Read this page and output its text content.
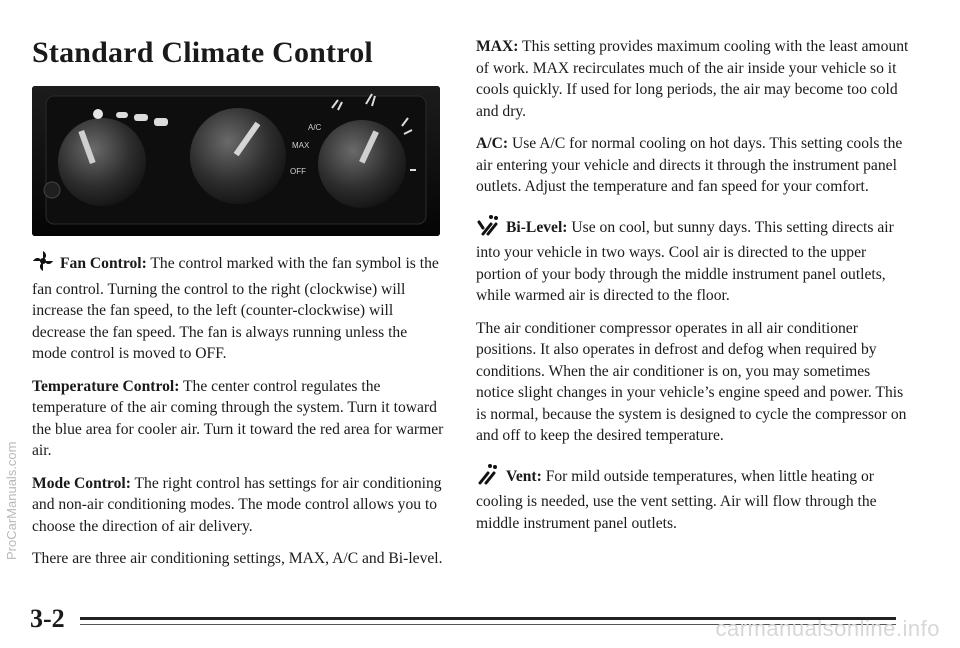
Standard Climate Control
A/C
MAX
OFF

Fan Control: The control marked with the fan symbol is the fan control. Turning the control to the right (clockwise) will increase the fan speed, to the left (counter-clockwise) will decrease the fan speed. The fan is always running unless the mode control is moved to OFF.

Temperature Control: The center control regulates the temperature of the air coming through the system. Turn it toward the blue area for cooler air. Turn it toward the red area for warmer air.

Mode Control: The right control has settings for air conditioning and non-air conditioning modes. The mode control allows you to choose the direction of air delivery.

There are three air conditioning settings, MAX, A/C and Bi-level.

MAX: This setting provides maximum cooling with the least amount of work. MAX recirculates much of the air inside your vehicle so it cools quickly. If used for long periods, the air may become too cold and dry.

A/C: Use A/C for normal cooling on hot days. This setting cools the air entering your vehicle and directs it through the instrument panel outlets. Adjust the temperature and fan speed for your comfort.

Bi-Level: Use on cool, but sunny days. This setting directs air into your vehicle in two ways. Cool air is directed to the upper portion of your body through the middle instrument panel outlets, while warmed air is directed to the floor.

The air conditioner compressor operates in all air conditioner positions. It also operates in defrost and defog when required by conditions. When the air conditioner is on, you may sometimes notice slight changes in your vehicle’s engine speed and power. This is normal, because the system is designed to cycle the compressor on and off to keep the desired temperature.

Vent: For mild outside temperatures, when little heating or cooling is needed, use the vent setting. Air will flow through the middle instrument panel outlets.

3-2
ProCarManuals.com
carmanualsonline.info
